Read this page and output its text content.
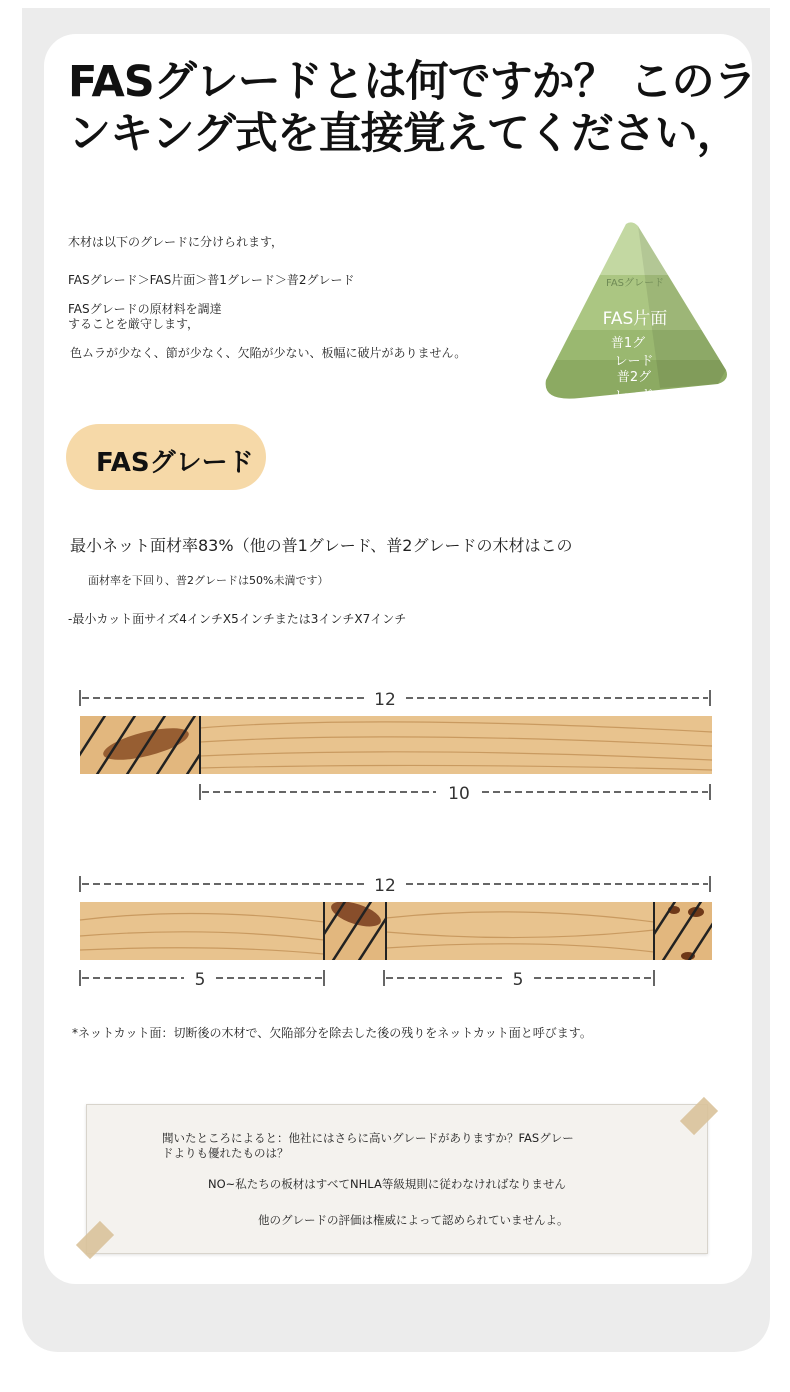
FASグレードとは何ですか？ このランキング式を直接覚えてください，
木材は以下のグレードに分けられます，
FASグレード＞FAS片面＞普1グレード＞普2グレード
FASグレードの原材料を調達
することを厳守します，
色ムラが少なく、節が少なく、欠陥が少ない、板幅に破片がありません。
FASグレード
FAS片面
普1グ
レード
普2グ
レード
FASグレード
最小ネット面材率83%（他の普1グレード、普2グレードの木材はこの
面材率を下回り、普2グレードは50%未満です）
-最小カット面サイズ4インチX5インチまたは3インチX7インチ
12
10
12
5	5
*ネットカット面：切断後の木材で、欠陥部分を除去した後の残りをネットカット面と呼びます。
聞いたところによると：他社にはさらに高いグレードがありますか？FASグレー
ドよりも優れたものは？
NO~私たちの板材はすべてNHLA等級規則に従わなければなりません
他のグレードの評価は権威によって認められていませんよ。
